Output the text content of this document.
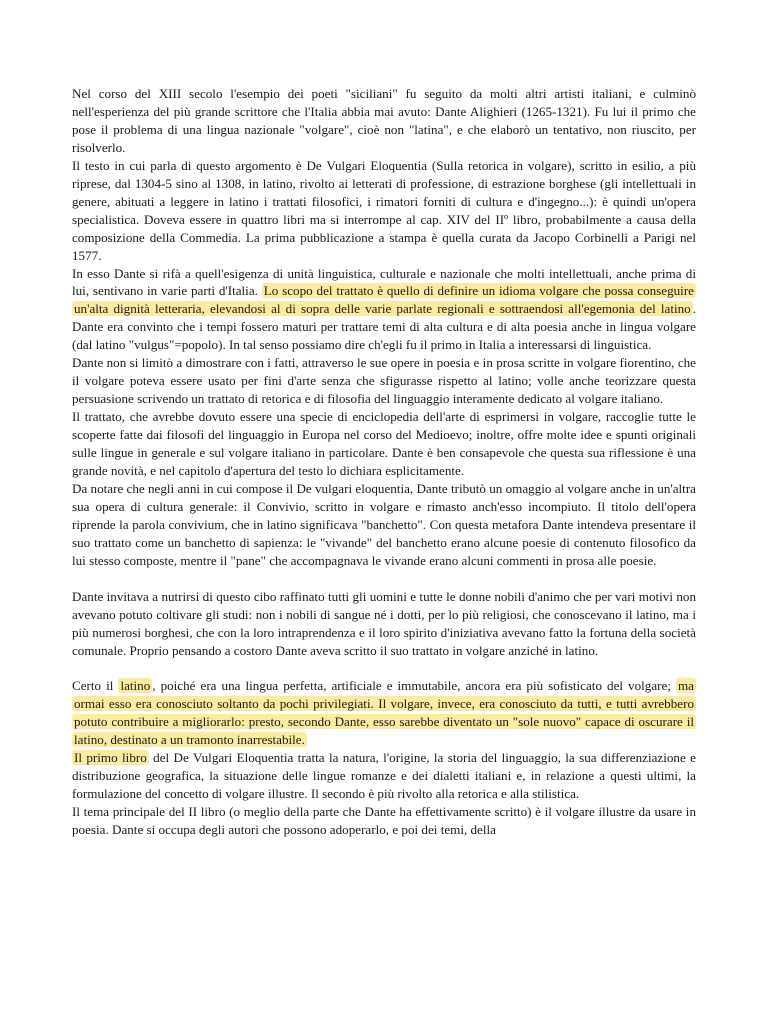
Nel corso del XIII secolo l'esempio dei poeti "siciliani" fu seguito da molti altri artisti italiani, e culminò nell'esperienza del più grande scrittore che l'Italia abbia mai avuto: Dante Alighieri (1265-1321). Fu lui il primo che pose il problema di una lingua nazionale "volgare", cioè non "latina", e che elaborò un tentativo, non riuscito, per risolverlo.

Il testo in cui parla di questo argomento è De Vulgari Eloquentia (Sulla retorica in volgare), scritto in esilio, a più riprese, dal 1304-5 sino al 1308, in latino, rivolto ai letterati di professione, di estrazione borghese (gli intellettuali in genere, abituati a leggere in latino i trattati filosofici, i rimatori forniti di cultura e d'ingegno...): è quindi un'opera specialistica. Doveva essere in quattro libri ma si interrompe al cap. XIV del IIº libro, probabilmente a causa della composizione della Commedia. La prima pubblicazione a stampa è quella curata da Jacopo Corbinelli a Parigi nel 1577.

In esso Dante si rifà a quell'esigenza di unità linguistica, culturale e nazionale che molti intellettuali, anche prima di lui, sentivano in varie parti d'Italia. Lo scopo del trattato è quello di definire un idioma volgare che possa conseguire un'alta dignità letteraria, elevandosi al di sopra delle varie parlate regionali e sottraendosi all'egemonia del latino . Dante era convinto che i tempi fossero maturi per trattare temi di alta cultura e di alta poesia anche in lingua volgare (dal latino "vulgus"=popolo). In tal senso possiamo dire ch'egli fu il primo in Italia a interessarsi di linguistica.

Dante non si limitò a dimostrare con i fatti, attraverso le sue opere in poesia e in prosa scritte in volgare fiorentino, che il volgare poteva essere usato per fini d'arte senza che sfigurasse rispetto al latino; volle anche teorizzare questa persuasione scrivendo un trattato di retorica e di filosofia del linguaggio interamente dedicato al volgare italiano.

Il trattato, che avrebbe dovuto essere una specie di enciclopedia dell'arte di esprimersi in volgare, raccoglie tutte le scoperte fatte dai filosofi del linguaggio in Europa nel corso del Medioevo; inoltre, offre molte idee e spunti originali sulle lingue in generale e sul volgare italiano in particolare. Dante è ben consapevole che questa sua riflessione è una grande novità, e nel capitolo d'apertura del testo lo dichiara esplicitamente.

Da notare che negli anni in cui compose il De vulgari eloquentia, Dante tributò un omaggio al volgare anche in un'altra sua opera di cultura generale: il Convivio, scritto in volgare e rimasto anch'esso incompiuto. Il titolo dell'opera riprende la parola convivium, che in latino significava "banchetto". Con questa metafora Dante intendeva presentare il suo trattato come un banchetto di sapienza: le "vivande" del banchetto erano alcune poesie di contenuto filosofico da lui stesso composte, mentre il "pane" che accompagnava le vivande erano alcuni commenti in prosa alle poesie.

Dante invitava a nutrirsi di questo cibo raffinato tutti gli uomini e tutte le donne nobili d'animo che per vari motivi non avevano potuto coltivare gli studi: non i nobili di sangue né i dotti, per lo più religiosi, che conoscevano il latino, ma i più numerosi borghesi, che con la loro intraprendenza e il loro spirito d'iniziativa avevano fatto la fortuna della società comunale. Proprio pensando a costoro Dante aveva scritto il suo trattato in volgare anziché in latino.

Certo il latino , poiché era una lingua perfetta, artificiale e immutabile, ancora era più sofisticato del volgare; ma ormai esso era conosciuto soltanto da pochi privilegiati. Il volgare, invece, era conosciuto da tutti, e tutti avrebbero potuto contribuire a migliorarlo: presto, secondo Dante, esso sarebbe diventato un "sole nuovo" capace di oscurare il latino, destinato a un tramonto inarrestabile.

Il primo libro del De Vulgari Eloquentia tratta la natura, l'origine, la storia del linguaggio, la sua differenziazione e distribuzione geografica, la situazione delle lingue romanze e dei dialetti italiani e, in relazione a questi ultimi, la formulazione del concetto di volgare illustre. Il secondo è più rivolto alla retorica e alla stilistica.

Il tema principale del II libro (o meglio della parte che Dante ha effettivamente scritto) è il volgare illustre da usare in poesia. Dante si occupa degli autori che possono adoperarlo, e poi dei temi, della
